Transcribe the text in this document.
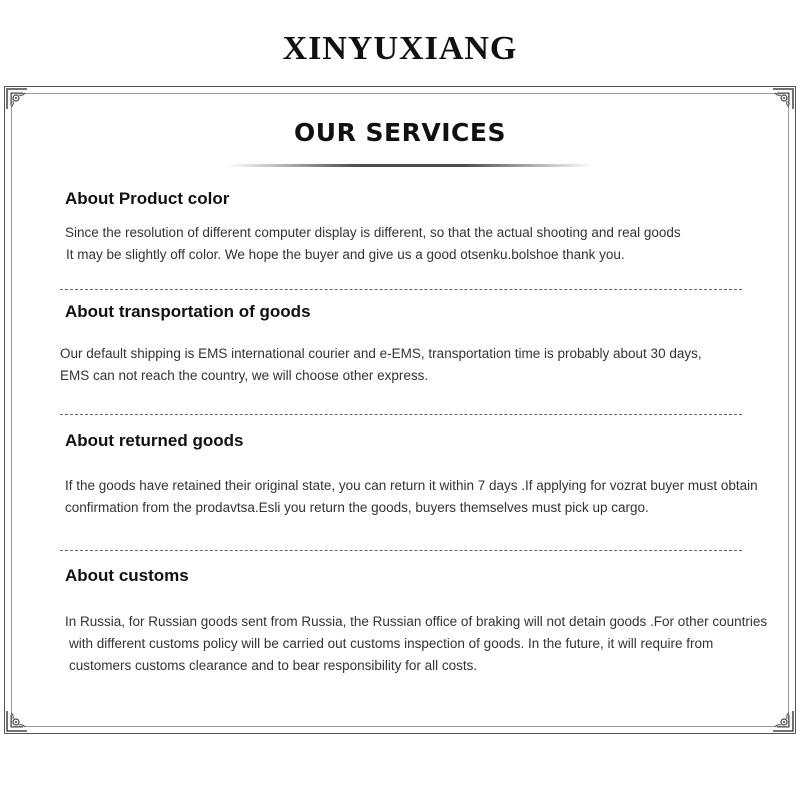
XINYUXIANG
OUR SERVICES
About Product color
Since the resolution of different computer display is different, so that the actual shooting and real goods
It may be slightly off color. We hope the buyer and give us a good otsenku.bolshoe thank you.
About transportation of goods
Our default shipping is EMS international courier and e-EMS, transportation time is probably about 30 days,
EMS can not reach the country, we will choose other express.
About returned goods
If the goods have retained their original state, you can return it within 7 days .If applying for vozrat buyer must obtain
confirmation from the prodavtsa.Esli you return the goods, buyers themselves must pick up cargo.
About customs
In Russia, for Russian goods sent from Russia, the Russian office of braking will not detain goods .For other countries
with different customs policy will be carried out customs inspection of goods. In the future, it will require from
customers customs clearance and to bear responsibility for all costs.
